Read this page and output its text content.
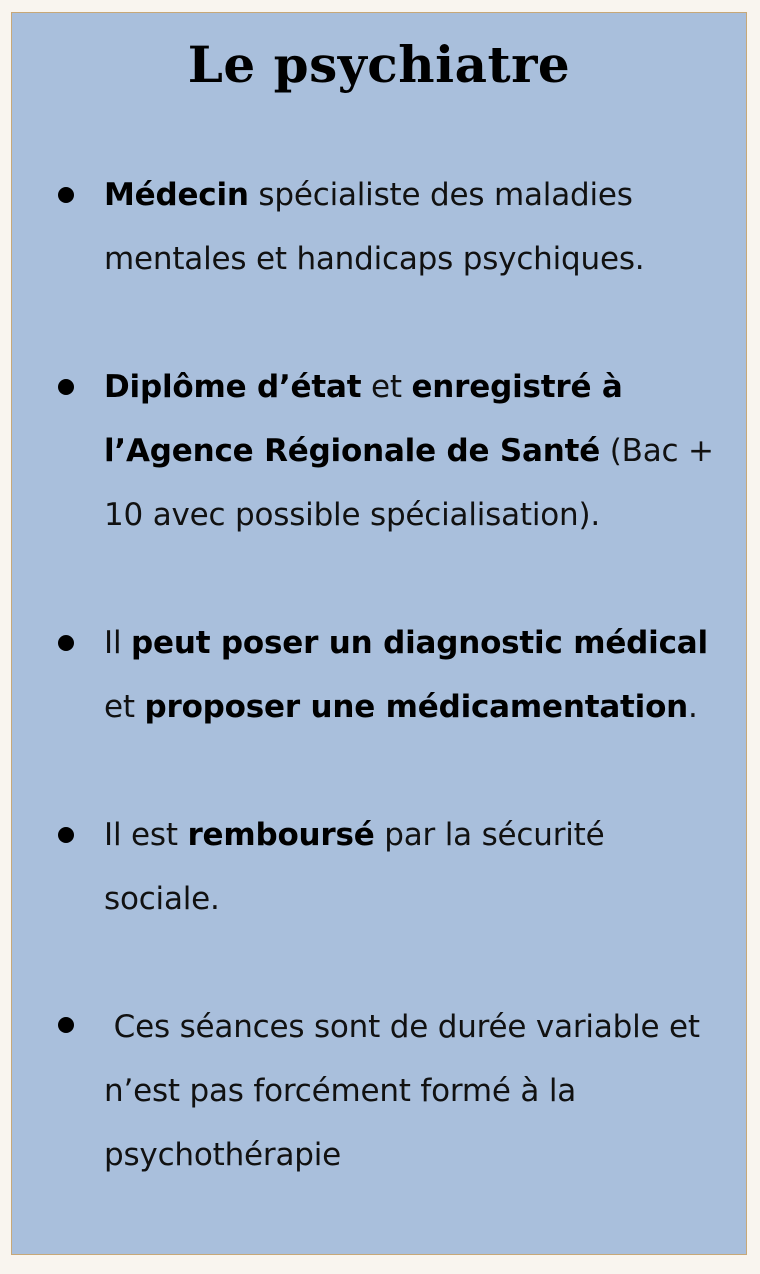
Le psychiatre

Médecin spécialiste des maladies mentales et handicaps psychiques.

Diplôme d’état et enregistré à l’Agence Régionale de Santé (Bac + 10 avec possible spécialisation).

Il peut poser un diagnostic médical et proposer une médicamentation.

Il est remboursé par la sécurité sociale.

Ces séances sont de durée variable et n’est pas forcément formé à la psychothérapie
